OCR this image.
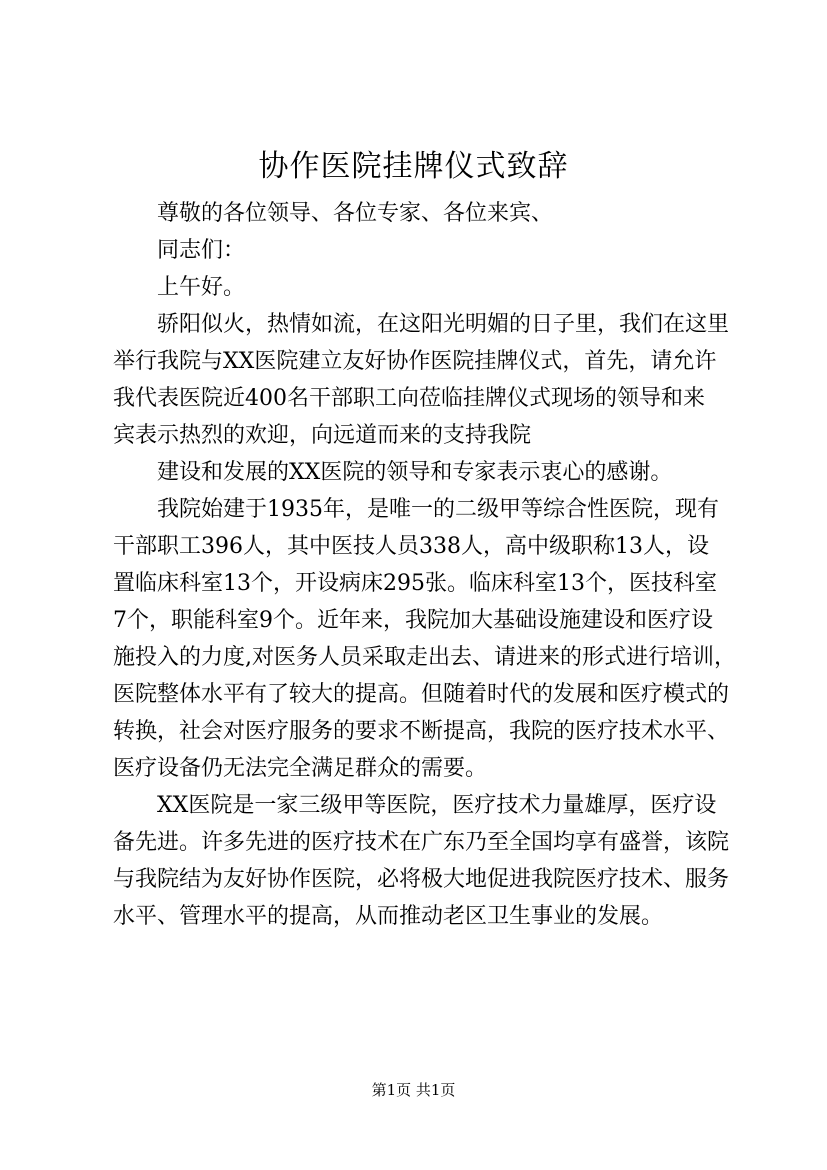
协作医院挂牌仪式致辞
尊敬的各位领导、各位专家、各位来宾、
同志们：
上午好。
骄阳似火，热情如流，在这阳光明媚的日子里，我们在这里
举行我院与XX医院建立友好协作医院挂牌仪式，首先，请允许
我代表医院近400名干部职工向莅临挂牌仪式现场的领导和来
宾表示热烈的欢迎，向远道而来的支持我院
建设和发展的XX医院的领导和专家表示衷心的感谢。
我院始建于1935年，是唯一的二级甲等综合性医院，现有
干部职工396人，其中医技人员338人，高中级职称13人，设
置临床科室13个，开设病床295张。临床科室13个，医技科室
7个，职能科室9个。近年来，我院加大基础设施建设和医疗设
施投入的力度,对医务人员采取走出去、请进来的形式进行培训，
医院整体水平有了较大的提高。但随着时代的发展和医疗模式的
转换，社会对医疗服务的要求不断提高，我院的医疗技术水平、
医疗设备仍无法完全满足群众的需要。
XX医院是一家三级甲等医院，医疗技术力量雄厚，医疗设
备先进。许多先进的医疗技术在广东乃至全国均享有盛誉，该院
与我院结为友好协作医院，必将极大地促进我院医疗技术、服务
水平、管理水平的提高，从而推动老区卫生事业的发展。
第1页 共1页
